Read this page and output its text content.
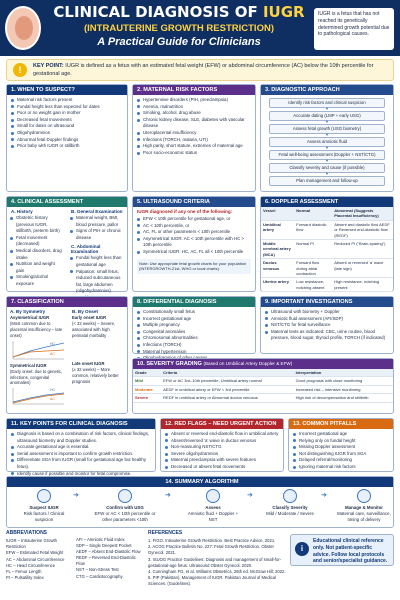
CLINICAL DIAGNOSIS OF IUGR
(INTRAUTERINE GROWTH RESTRICTION)
A Practical Guide for Clinicians
IUGR is a fetus that has not reached its genetically determined growth potential due to pathological causes.
!	KEY POINT: IUGR is defined as a fetus with an estimated fetal weight (EFW) or abdominal circumference (AC) below the 10th percentile for gestational age.
1. WHEN TO SUSPECT?
Maternal risk factors present
Fundal height less than expected for dates
Poor or no weight gain in mother
Decreased fetal movements
Small for dates on ultrasound
Oligohydramnios
Abnormal fetal Doppler findings
Prior baby with IUGR or stillbirth
2. MATERNAL RISK FACTORS
Hypertensive disorders (PIH, preeclampsia)
Anemia, malnutrition
Smoking, alcohol, drug abuse
Chronic kidney disease, SLE, diabetes with vascular disease
Uteroplacental insufficiency
Infections (TORCH, malaria, UTI)
High parity, short stature, extremes of maternal age
Poor socio-economic status
3. DIAGNOSTIC APPROACH
Identify risk factors and clinical suspicion
▼
Accurate dating (LMP + early USG)
▼
Assess fetal growth (USG biometry)
▼
Assess amniotic fluid
▼
Fetal well-being assessment (Doppler + NST/CTG)
▼
Classify severity and cause (if possible)
▼
Plan management and follow-up
4. CLINICAL ASSESSMENT
A. History
Obstetric history (previous IUGR, stillbirth, preterm birth)
Fetal movement (decreased)
Medical disorders, drug intake
Nutrition and weight gain
Smoking/alcohol exposure
B. General Examination
Maternal weight, BMI, blood pressure, pallor
Signs of PIH or chronic disease
C. Abdominal Examination
Fundal height less than gestational age
Palpation: small fetus, reduced subcutaneous fat, large abdomen (oligohydramnios)
5. ULTRASOUND CRITERIA
IUGR diagnosed if any one of the following:
EFW < 10th percentile for gestational age, or
AC < 10th percentile, or
AC, FL or other parameters < 10th percentile
Asymmetrical IUGR: AC < 10th percentile with HC > 10th percentile
Symmetrical IUGR: HC, AC, FL all < 10th percentile
Note: Use appropriate fetal growth charts for your population (INTERGROWTH-21st, WHO or local charts).
6. DOPPLER ASSESSMENT
Vessel	Normal	Abnormal (Suggests Placental Insufficiency)
Umbilical artery	Forward diastolic flow	Absent and diastolic flow AEDF or Reversed end-diastolic flow (REDF)
Middle cerebral artery (MCA)	Normal PI	Reduced PI ("Brain-sparing")
Ductus venosus	Forward flow during atrial contraction	Absent or reversed 'a' wave (late sign)
Uterine artery	Low resistance, notching absent	High resistance, notching present
7. CLASSIFICATION
A. By Symmetry
Asymmetrical IUGR
(Most common due to placental insufficiency – late onset)
HC
AC
Symmetrical IUGR
(Early onset: due to genetic, infections, congenital anomalies)
HC
AC
B. By Onset
Early onset IUGR
(< 32 weeks) – Severe, associated with high perinatal morbidity
Late onset IUGR
(≥ 32 weeks) – More common, relatively better prognosis
8. DIFFERENTIAL DIAGNOSIS
Constitutionally small fetus
Incorrect gestational age
Multiple pregnancy
Congenital anomalies
Chromosomal abnormalities
Infections (TORCH)
Maternal hypertension
9. IMPORTANT INVESTIGATIONS
Ultrasound with biometry + Doppler
Amniotic fluid assessment (AFI/SDP)
NST/CTG for fetal surveillance
Maternal tests as indicated: CBC, urine routine, blood pressure, blood sugar, thyroid profile, TORCH (if indicated)
10. SEVERITY GRADING (Based on Umbilical Artery Doppler & EFW)
Grade	Criteria	Interpretation
Mild	EFW or AC 3rd–10th percentile, Umbilical artery normal	Good prognosis with close monitoring
Moderate	AEDF in umbilical artery or EFW < 3rd percentile	Increased risk – intensive monitoring
Severe	REDF in umbilical artery or Abnormal ductus venosus	High risk of decompensation and stillbirth
11. KEY POINTS FOR CLINICAL DIAGNOSIS
Diagnosis is based on a combination of risk factors, clinical findings, ultrasound biometry and Doppler studies.
Accurate gestational age is essential.
Serial assessment is important to confirm growth restriction.
Differentiate SGA from IUGR (small for gestational age but healthy fetus).
Identify cause if possible and monitor for fetal compromise.
12. RED FLAGS – NEED URGENT ACTION
Absent or reversed end-diastolic flow in umbilical artery
Absent/reversed 'a' wave in ductus venosus
Non-reassuring NST/CTG
Severe oligohydramnios
Maternal preeclampsia with severe features
Decreased or absent fetal movements
13. COMMON PITFALLS
Incorrect gestational age
Relying only on fundal height
Missing Doppler assessment
Not distinguishing IUGR from SGA
Delayed referral/monitoring
Ignoring maternal risk factors
14. SUMMARY ALGORITHM
Suspect IUGR
Risk factors / Clinical suspicion
➜
Confirm with USG
EFW or AC < 10th percentile or other parameters <10th
➜
Assess
Amniotic fluid + Doppler + NST
➜
Classify Severity
Mild / Moderate / Severe
➜
Manage & Monitor
Maternal care, surveillance, timing of delivery
ABBREVIATIONS
IUGR – Intrauterine Growth Restriction
EFW – Estimated Fetal Weight
AC – Abdominal Circumference
HC – Head Circumference
FL – Femur Length
PI – Pulsatility Index
AFI – Amniotic Fluid Index
SDP – Single Deepest Pocket
AEDF – Absent End-Diastolic Flow
REDF – Reversed End-Diastolic Flow
NST – Non-Stress Test
CTG – Cardiotocography
REFERENCES
1. FIGO. Intrauterine Growth Restriction. Best Practice Advice, 2021.
2. ACOG Practice Bulletin No. 227: Fetal Growth Restriction. Obstet Gynecol. 2021.
3. ISUOG Practice Guidelines: Diagnosis and management of small-for-gestational-age fetus. Ultrasound Obstet Gynecol. 2020.
4. Cunningham FG, et al. Williams Obstetrics, 26th ed. McGraw Hill; 2022.
5. PIP (Pakistan), Management of IUGR. Pakistan Journal of Medical Sciences. (Guidelines).
i
Educational clinical reference only. Not patient-specific advice. Follow local protocols and senior/specialist guidance.
